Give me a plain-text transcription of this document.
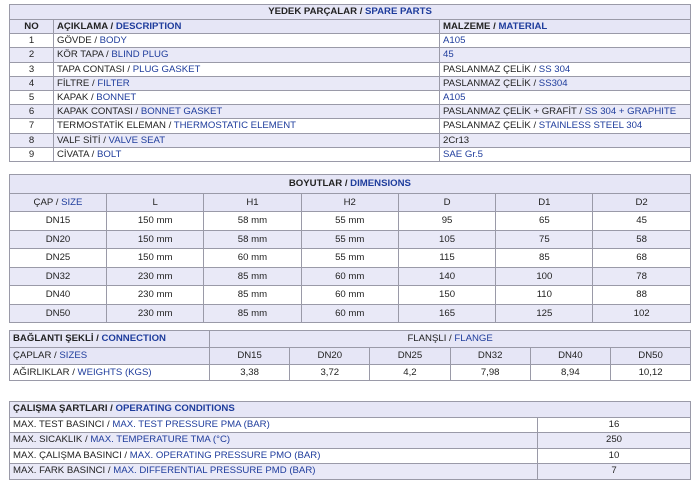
YEDEK PARÇALAR / SPARE PARTS		
NO	AÇIKLAMA / DESCRIPTION	MALZEME / MATERIAL
1	GÖVDE / BODY	A105
2	KÖR TAPA / BLIND PLUG	45
3	TAPA CONTASI / PLUG GASKET	PASLANMAZ ÇELİK / SS 304
4	FİLTRE / FILTER	PASLANMAZ ÇELİK / SS304
5	KAPAK / BONNET	A105
6	KAPAK CONTASI / BONNET GASKET	PASLANMAZ ÇELİK + GRAFİT / SS 304 + GRAPHITE
7	TERMOSTATİK ELEMAN / THERMOSTATIC ELEMENT	PASLANMAZ ÇELİK / STAINLESS STEEL 304
8	VALF SİTİ / VALVE SEAT	2Cr13
9	CİVATA / BOLT	SAE Gr.5
BOYUTLAR / DIMENSIONS						
ÇAP / SIZE	L	H1	H2	D	D1	D2
DN15	150 mm	58 mm	55 mm	95	65	45
DN20	150 mm	58 mm	55 mm	105	75	58
DN25	150 mm	60 mm	55 mm	115	85	68
DN32	230 mm	85 mm	60 mm	140	100	78
DN40	230 mm	85 mm	60 mm	150	110	88
DN50	230 mm	85 mm	60 mm	165	125	102
BAĞLANTI ŞEKLİ / CONNECTION	FLANŞLI / FLANGE					
ÇAPLAR / SIZES	DN15	DN20	DN25	DN32	DN40	DN50
AĞIRLIKLAR / WEIGHTS (KGS)	3,38	3,72	4,2	7,98	8,94	10,12
ÇALIŞMA ŞARTLARI / OPERATING CONDITIONS	
MAX. TEST BASINCI / MAX. TEST PRESSURE PMA (BAR)	16
MAX. SICAKLIK / MAX. TEMPERATURE TMA (°C)	250
MAX. ÇALIŞMA BASINCI / MAX. OPERATING PRESSURE PMO (BAR)	10
MAX. FARK BASINCI / MAX. DIFFERENTIAL PRESSURE PMD (BAR)	7
